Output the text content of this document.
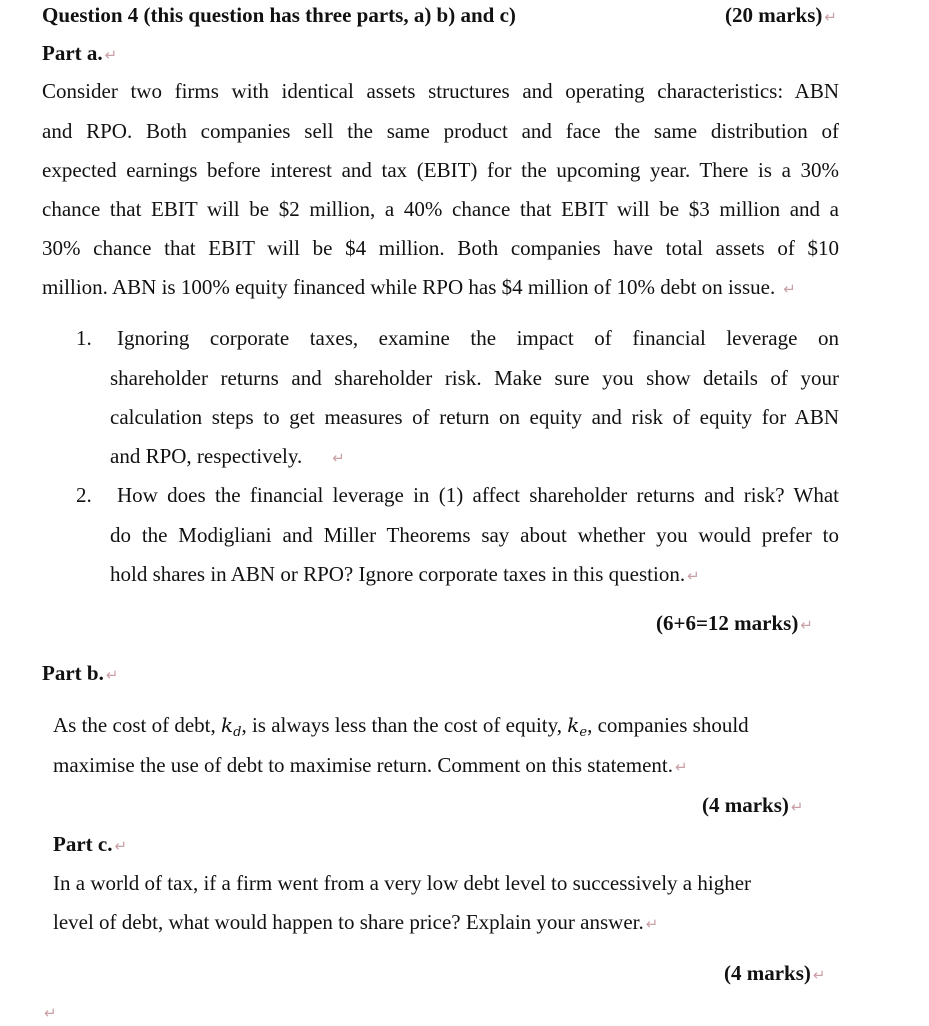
Question 4 (this question has three parts, a) b) and c)	(20 marks) ↵
Part a. ↵
Consider two firms with identical assets structures and operating characteristics: ABN
and RPO. Both companies sell the same product and face the same distribution of
expected earnings before interest and tax (EBIT) for the upcoming year. There is a 30%
chance that EBIT will be $2 million, a 40% chance that EBIT will be $3 million and a
30% chance that EBIT will be $4 million. Both companies have total assets of $10
million. ABN is 100% equity financed while RPO has $4 million of 10% debt on issue. ↵
1. Ignoring corporate taxes, examine the impact of financial leverage on
shareholder returns and shareholder risk. Make sure you show details of your
calculation steps to get measures of return on equity and risk of equity for ABN
and RPO, respectively. ↵
2. How does the financial leverage in (1) affect shareholder returns and risk? What
do the Modigliani and Miller Theorems say about whether you would prefer to
hold shares in ABN or RPO? Ignore corporate taxes in this question. ↵
(6+6=12 marks) ↵
Part b. ↵
As the cost of debt, $k_d$, is always less than the cost of equity, $k_e$, companies should
maximise the use of debt to maximise return. Comment on this statement. ↵
(4 marks) ↵
Part c. ↵
In a world of tax, if a firm went from a very low debt level to successively a higher
level of debt, what would happen to share price? Explain your answer. ↵
(4 marks) ↵
↵
